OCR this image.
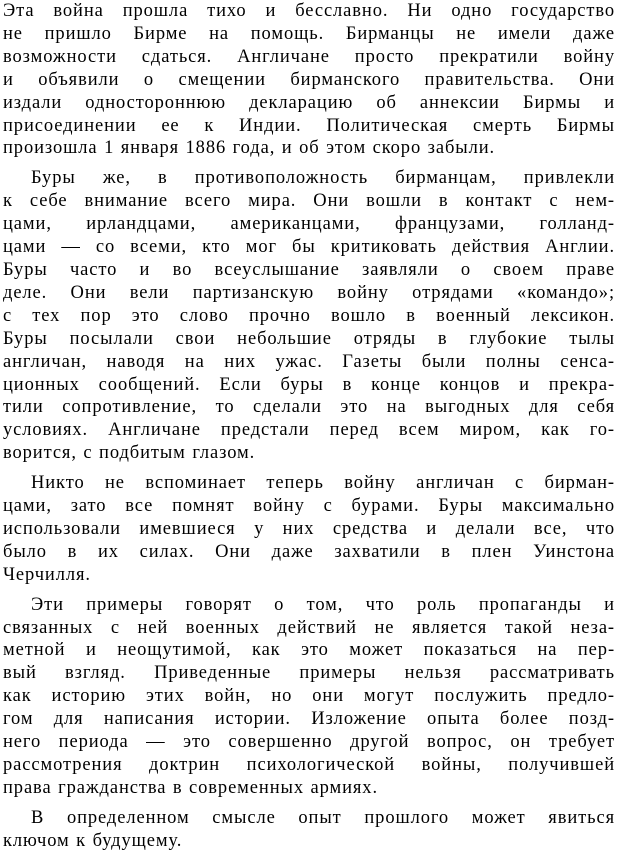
Эта война прошла тихо и бесславно. Ни одно государство
не пришло Бирме на помощь. Бирманцы не имели даже
возможности сдаться. Англичане просто прекратили войну
и объявили о смещении бирманского правительства. Они
издали одностороннюю декларацию об аннексии Бирмы и
присоединении ее к Индии. Политическая смерть Бирмы
произошла 1 января 1886 года, и об этом скоро забыли.
Буры же, в противоположность бирманцам, привлекли
к себе внимание всего мира. Они вошли в контакт с нем-
цами, ирландцами, американцами, французами, голланд-
цами — со всеми, кто мог бы критиковать действия Англии.
Буры часто и во всеуслышание заявляли о своем праве
деле. Они вели партизанскую войну отрядами «командо»;
с тех пор это слово прочно вошло в военный лексикон.
Буры посылали свои небольшие отряды в глубокие тылы
англичан, наводя на них ужас. Газеты были полны сенса-
ционных сообщений. Если буры в конце концов и прекра-
тили сопротивление, то сделали это на выгодных для себя
условиях. Англичане предстали перед всем миром, как го-
ворится, с подбитым глазом.
Никто не вспоминает теперь войну англичан с бирман-
цами, зато все помнят войну с бурами. Буры максимально
использовали имевшиеся у них средства и делали все, что
было в их силах. Они даже захватили в плен Уинстона
Черчилля.
Эти примеры говорят о том, что роль пропаганды и
связанных с ней военных действий не является такой неза-
метной и неощутимой, как это может показаться на пер-
вый взгляд. Приведенные примеры нельзя рассматривать
как историю этих войн, но они могут послужить предло-
гом для написания истории. Изложение опыта более позд-
него периода — это совершенно другой вопрос, он требует
рассмотрения доктрин психологической войны, получившей
права гражданства в современных армиях.
В определенном смысле опыт прошлого может явиться
ключом к будущему.
